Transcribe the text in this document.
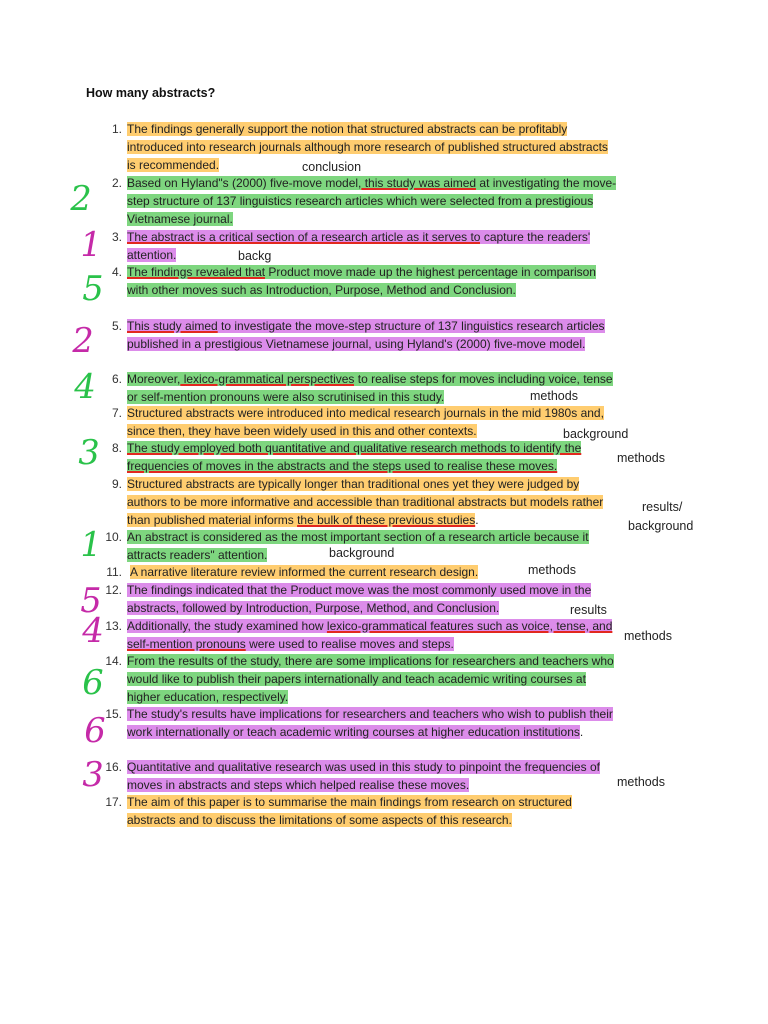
How many abstracts?
1. The findings generally support the notion that structured abstracts can be profitably introduced into research journals although more research of published structured abstracts is recommended.
2. Based on Hyland"s (2000) five-move model, this study was aimed at investigating the move-step structure of 137 linguistics research articles which were selected from a prestigious Vietnamese journal.
3. The abstract is a critical section of a research article as it serves to capture the readers' attention.
4. The findings revealed that Product move made up the highest percentage in comparison with other moves such as Introduction, Purpose, Method and Conclusion.
5. This study aimed to investigate the move-step structure of 137 linguistics research articles published in a prestigious Vietnamese journal, using Hyland's (2000) five-move model.
6. Moreover, lexico-grammatical perspectives to realise steps for moves including voice, tense or self-mention pronouns were also scrutinised in this study.
7. Structured abstracts were introduced into medical research journals in the mid 1980s and, since then, they have been widely used in this and other contexts.
8. The study employed both quantitative and qualitative research methods to identify the frequencies of moves in the abstracts and the steps used to realise these moves.
9. Structured abstracts are typically longer than traditional ones yet they were judged by authors to be more informative and accessible than traditional abstracts but models rather than published material informs the bulk of these previous studies.
10. An abstract is considered as the most important section of a research article because it attracts readers" attention.
11. A narrative literature review informed the current research design.
12. The findings indicated that the Product move was the most commonly used move in the abstracts, followed by Introduction, Purpose, Method, and Conclusion.
13. Additionally, the study examined how lexico-grammatical features such as voice, tense, and self-mention pronouns were used to realise moves and steps.
14. From the results of the study, there are some implications for researchers and teachers who would like to publish their papers internationally and teach academic writing courses at higher education, respectively.
15. The study's results have implications for researchers and teachers who wish to publish their work internationally or teach academic writing courses at higher education institutions.
16. Quantitative and qualitative research was used in this study to pinpoint the frequencies of moves in abstracts and steps which helped realise these moves.
17. The aim of this paper is to summarise the main findings from research on structured abstracts and to discuss the limitations of some aspects of this research.
conclusion
backg
methods
background
methods
results/
background
background
methods
results
methods
methods
2
1
5
2
4
3
1
5
4
6
6
3
